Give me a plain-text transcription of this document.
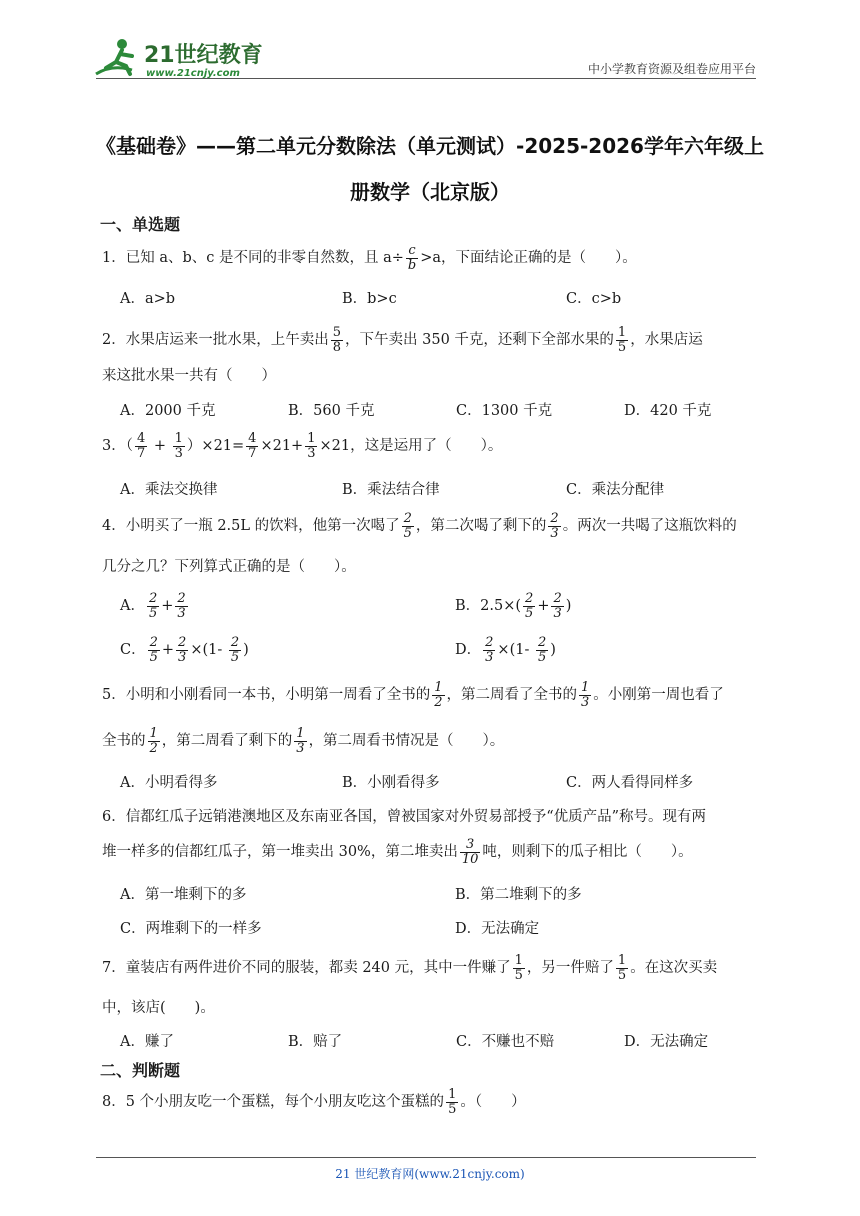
21世纪教育
www.21cnjy.com	中小学教育资源及组卷应用平台
《基础卷》——第二单元分数除法（单元测试）-2025-2026学年六年级上
册数学（北京版）
一、单选题
1．已知 a、b、c 是不同的非零自然数，且 $a\div \frac{c}{b} >a$，下面结论正确的是（　　）。
A．a>b	B．b>c	C．c>b
2．水果店运来一批水果，上午卖出 $\frac{5}{8}$ ，下午卖出 350 千克，还剩下全部水果的 $\frac{1}{5}$ ，水果店运
来这批水果一共有（　　）
A．2000 千克	B．560 千克	C．1300 千克	D．420 千克
3．（ $\frac{4}{7} + \frac{1}{3} )\times 21= \frac{4}{7} \times 21+ \frac{1}{3} \times 21$，这是运用了（　　）。
A．乘法交换律	B．乘法结合律	C．乘法分配律
4．小明买了一瓶 2.5L 的饮料，他第一次喝了 $\frac{2}{5}$ ，第二次喝了剩下的 $\frac{2}{3}$ 。两次一共喝了这瓶饮料的
几分之几？下列算式正确的是（　　）。
A． $\frac{2}{5} + \frac{2}{3}$	B．$2.5\times( \frac{2}{5} + \frac{2}{3}$ )
C． $\frac{2}{5} + \frac{2}{3} \times(1- \frac{2}{5}$ )	D． $\frac{2}{3} \times(1- \frac{2}{5}$ )
5．小明和小刚看同一本书，小明第一周看了全书的 $\frac{1}{2}$ ，第二周看了全书的 $\frac{1}{3}$ 。小刚第一周也看了
全书的 $\frac{1}{2}$ ，第二周看了剩下的 $\frac{1}{3}$ ，第二周看书情况是（　　）。
A．小明看得多	B．小刚看得多	C．两人看得同样多
6．信都红瓜子远销港澳地区及东南亚各国，曾被国家对外贸易部授予“优质产品”称号。现有两
堆一样多的信都红瓜子，第一堆卖出 30%，第二堆卖出 $\frac{3}{10}$ 吨，则剩下的瓜子相比（　　）。
A．第一堆剩下的多	B．第二堆剩下的多
C．两堆剩下的一样多	D．无法确定
7．童装店有两件进价不同的服装，都卖 240 元，其中一件赚了 $\frac{1}{5}$ ，另一件赔了 $\frac{1}{5}$ 。在这次买卖
中，该店(　　)。
A．赚了	B．赔了	C．不赚也不赔	D．无法确定
二、判断题
8．5 个小朋友吃一个蛋糕，每个小朋友吃这个蛋糕的 $\frac{1}{5}$ 。（　　）
21 世纪教育网(www.21cnjy.com)
